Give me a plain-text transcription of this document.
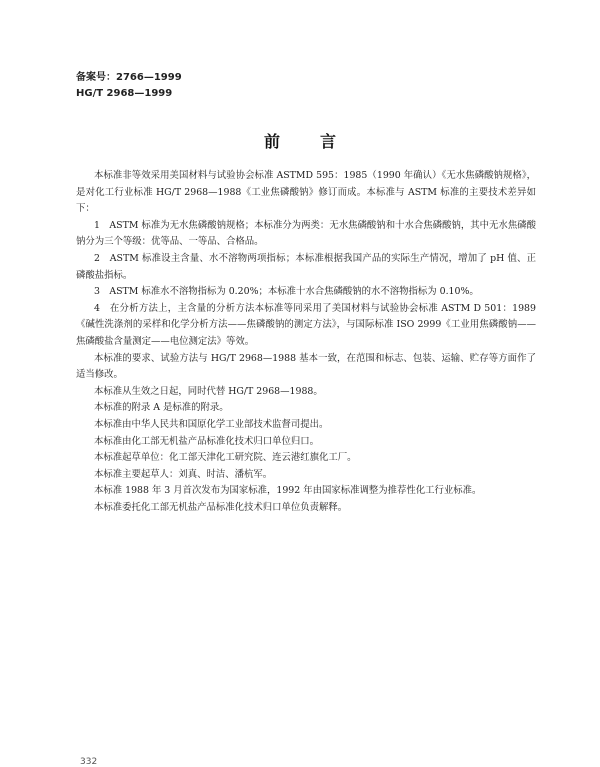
备案号：2766—1999
HG/T 2968—1999
前言

本标准非等效采用美国材料与试验协会标准 ASTMD 595：1985（1990 年确认）《无水焦磷酸钠规格》，是对化工行业标准 HG/T 2968—1988《工业焦磷酸钠》修订而成。本标准与 ASTM 标准的主要技术差异如下：

1　ASTM 标准为无水焦磷酸钠规格；本标准分为两类：无水焦磷酸钠和十水合焦磷酸钠，其中无水焦磷酸钠分为三个等级：优等品、一等品、合格品。

2　ASTM 标准设主含量、水不溶物两项指标；本标准根据我国产品的实际生产情况，增加了 pH 值、正磷酸盐指标。

3　ASTM 标准水不溶物指标为 0.20%；本标准十水合焦磷酸钠的水不溶物指标为 0.10%。

4　在分析方法上，主含量的分析方法本标准等同采用了美国材料与试验协会标准 ASTM D 501：1989《碱性洗涤剂的采样和化学分析方法——焦磷酸钠的测定方法》，与国际标准 ISO 2999《工业用焦磷酸钠——焦磷酸盐含量测定——电位测定法》等效。

本标准的要求、试验方法与 HG/T 2968—1988 基本一致，在范围和标志、包装、运输、贮存等方面作了适当修改。

本标准从生效之日起，同时代替 HG/T 2968—1988。

本标准的附录 A 是标准的附录。

本标准由中华人民共和国原化学工业部技术监督司提出。

本标准由化工部无机盐产品标准化技术归口单位归口。

本标准起草单位：化工部天津化工研究院、连云港红旗化工厂。

本标准主要起草人：刘真、时洁、潘杭军。

本标准 1988 年 3 月首次发布为国家标准，1992 年由国家标准调整为推荐性化工行业标准。

本标准委托化工部无机盐产品标准化技术归口单位负责解释。

332
